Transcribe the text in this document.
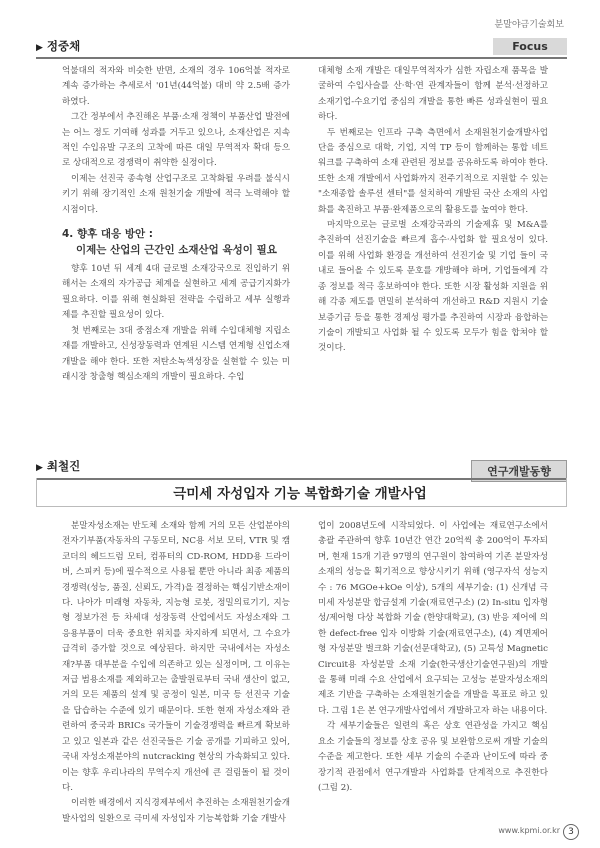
분말야금기술회보
▶ 정중채	Focus

억불대의 적자와 비슷한 반면, 소재의 경우 106억불 적자로 계속 증가하는 추세로서 '01년(44억불) 대비 약 2.5배 증가하였다.

그간 정부에서 추진해온 부품·소재 정책이 부품산업 발전에는 어느 정도 기여해 성과를 거두고 있으나, 소재산업은 지속적인 수입유발 구조의 고착에 따른 대일 무역적자 확대 등으로 상대적으로 경쟁력이 취약한 실정이다.

이제는 선진국 종속형 산업구조로 고착화될 우려를 불식시키기 위해 장기적인 소재 원천기술 개발에 적극 노력해야 할 시점이다.

4. 향후 대응 방안 :
이제는 산업의 근간인 소재산업 육성이 필요

향후 10년 뒤 세계 4대 글로벌 소재강국으로 진입하기 위해서는 소재의 자가공급 체계을 실현하고 세계 공급기지화가 필요하다. 이를 위해 현실화된 전략을 수립하고 세부 실행과제를 추진할 필요성이 있다.

첫 번째로는 3대 중점소재 개발을 위해 수입대체형 지립소재를 개발하고, 신성장동력과 연계된 시스템 연계형 신업소재 개발을 해야 한다. 또한 저탄소녹색성장을 실현할 수 있는 미래시장 창출형 핵심소재의 개발이 필요하다. 수입

대체형 소재 개발은 대일무역적자가 심한 자립소재 품목을 발굴하여 수입사슬를 산·학·연 관계자들이 함께 분석·선정하고 소재기업-수요기업 중심의 개발을 통한 빠른 성과실현이 필요하다.

두 번째로는 인프라 구축 측면에서 소재원천기술개발사업단을 중심으로 대학, 기업, 지역 TP 등이 함께하는 통합 네트워크를 구축하여 소재 관련된 정보를 공유하도록 하여야 한다. 또한 소재 개발에서 사업화까지 전주기적으로 지원할 수 있는 "소재종합 솔루션 센터"를 설치하여 개발된 국산 소재의 사업화를 촉진하고 부품·완제품으로의 활용도를 높여야 한다.

마지막으로는 글로벌 소재강국과의 기술제휴 및 M&A를 추진하여 선진기술을 빠르게 흡수·사업화 할 필요성이 있다. 이를 위해 사업화 환경을 개선하여 선진기술 및 기업 들이 국내로 들어올 수 있도록 문호를 개방해야 하며, 기업들에게 각종 정보를 적극 홍보하여야 한다. 또한 시장 활성화 지원을 위해 각종 제도를 면밀히 분석하여 개선하고 R&D 지원시 기술보증기금 등을 통한 경제성 평가를 추진하여 시장과 융합하는 기술이 개발되고 사업화 될 수 있도록 모두가 힘을 합쳐야 할 것이다.

▶ 최철진	연구개발동향
극미세 자성입자 기능 복합화기술 개발사업

분말자성소재는 반도체 소재와 함께 거의 모든 산업분야의 전자기부품(자동차의 구동모터, NC용 서보 모터, VTR 및 캠코더의 헤드드럼 모터, 컴퓨터의 CD-ROM, HDD용 드라이버, 스피커 등)에 필수적으로 사용될 뿐만 아니라 최종 제품의 경쟁력(성능, 품질, 신뢰도, 가격)을 결정하는 핵심기반소재이다. 나아가 미래형 자동차, 지능형 로봇, 정밀의료기기, 지능형 정보가전 등 차세대 성장동력 산업에서도 자성소재와 그 응용부품이 더욱 중요한 위치를 차지하게 되면서, 그 수요가 급격히 증가할 것으로 예상된다. 하지만 국내에서는 자성소재?부품 대부분을 수입에 의존하고 있는 실정이며, 그 이유는 저급 범용소재를 제외하고는 출발원료부터 국내 생산이 없고, 거의 모든 제품의 설계 및 공정이 일본, 미국 등 선진국 기술을 답습하는 수준에 있기 때문이다. 또한 현재 자성소재와 관련하여 중국과 BRICs 국가들이 기술경쟁력을 빠르게 확보하고 있고 일본과 같은 선진국들은 기술 공개를 기피하고 있어, 국내 자성소재분야의 nutcracking 현상의 가속화되고 있다. 이는 향후 우리나라의 무역수지 개선에 큰 걸림돌이 될 것이다.

이러한 배경에서 지식경제부에서 추진하는 소재원천기술개발사업의 일환으로 극미세 자성입자 기능복합화 기술 개발사

업이 2008년도에 시작되었다. 이 사업에는 재료연구소에서 총괄 주관하여 향후 10년간 연간 20억씩 총 200억이 투자되며, 현재 15개 기관 97명의 연구원이 참여하여 기존 분말자성 소재의 성능을 획기적으로 향상시키기 위해 (영구자석 성능지수 : 76 MGOe+kOe 이상), 5개의 세부기술: (1) 신개념 극미세 자성분말 합금설계 기술(재료연구소) (2) In-situ 입자형성/제어형 다상 복합화 기술 (한양대학교), (3) 반응 제어에 의한 defect-free 입자 이방화 기술(재료연구소), (4) 계면제어형 자성분말 벌크화 기술(선문대학교), (5) 고특성 Magnetic Circuit용 자성분말 소재 기술(한국생산기술연구원)의 개발을 통해 미래 수요 산업에서 요구되는 고성능 분말자성소재의 제조 기반을 구축하는 소재원천기술을 개발을 목표로 하고 있다. 그림 1은 본 연구개발사업에서 개발하고자 하는 내용이다.

각 세부기술들은 일련의 혹은 상호 연관성을 가지고 핵심 요소 기술들의 정보를 상호 공유 및 보완함으로써 개발 기술의 수준을 제고한다. 또한 세부 기술의 수준과 난이도에 따라 중장기적 관점에서 연구개발과 사업화를 단계적으로 추진한다(그림 2).

www.kpmi.or.kr 3
